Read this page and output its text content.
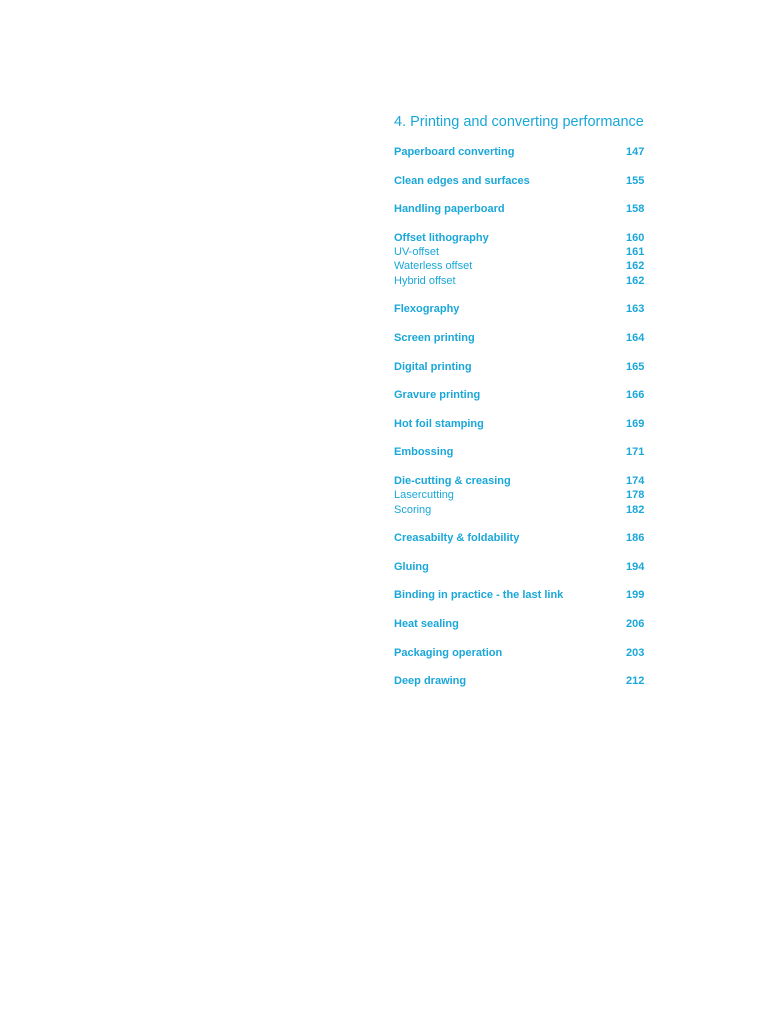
4. Printing and converting performance
Paperboard converting	147
Clean edges and surfaces	155
Handling paperboard	158
Offset lithography	160
UV-offset	161
Waterless offset	162
Hybrid offset	162
Flexography	163
Screen printing	164
Digital printing	165
Gravure printing	166
Hot foil stamping	169
Embossing	171
Die-cutting & creasing	174
Lasercutting	178
Scoring	182
Creasabilty & foldability	186
Gluing	194
Binding in practice - the last link	199
Heat sealing	206
Packaging operation	203
Deep drawing	212
